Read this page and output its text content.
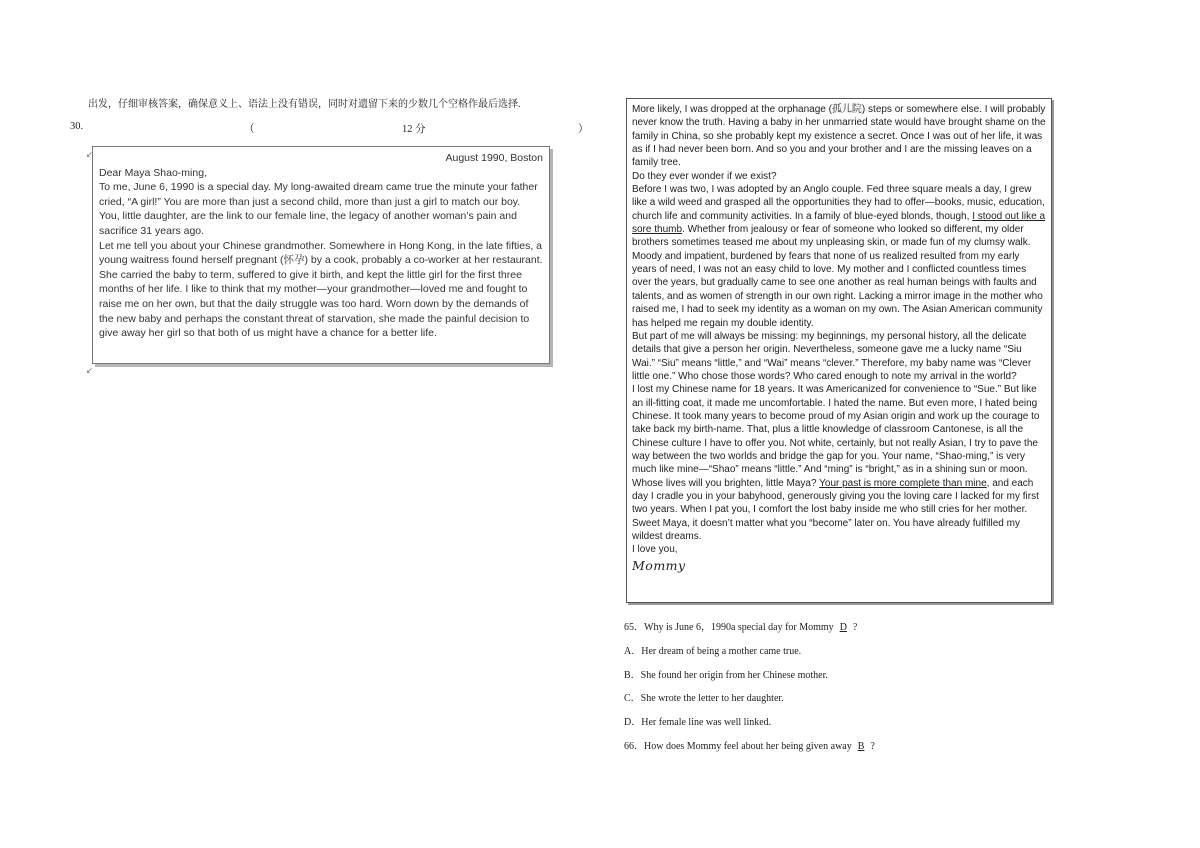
出发，仔细审核答案，确保意义上、语法上没有错误，同时对遗留下来的少数几个空格作最后选择.
30.	（	12 分	）
↙	August 1990, Boston

Dear Maya Shao-ming,

To me, June 6, 1990 is a special day. My long-awaited dream came true the minute your father cried, “A girl!” You are more than just a second child, more than just a girl to match our boy. You, little daughter, are the link to our female line, the legacy of another woman’s pain and sacrifice 31 years ago.

Let me tell you about your Chinese grandmother. Somewhere in Hong Kong, in the late fifties, a young waitress found herself pregnant (怀孕) by a cook, probably a co-worker at her restaurant. She carried the baby to term, suffered to give it birth, and kept the little girl for the first three months of her life. I like to think that my mother—your grandmother—loved me and fought to raise me on her own, but that the daily struggle was too hard. Worn down by the demands of the new baby and perhaps the constant threat of starvation, she made the painful decision to give away her girl so that both of us might have a chance for a better life.

↙

More likely, I was dropped at the orphanage (孤儿院) steps or somewhere else. I will probably never know the truth. Having a baby in her unmarried state would have brought shame on the family in China, so she probably kept my existence a secret. Once I was out of her life, it was as if I had never been born. And so you and your brother and I are the missing leaves on a family tree.

Do they ever wonder if we exist?

Before I was two, I was adopted by an Anglo couple. Fed three square meals a day, I grew like a wild weed and grasped all the opportunities they had to offer—books, music, education, church life and community activities. In a family of blue-eyed blonds, though, I stood out like a sore thumb. Whether from jealousy or fear of someone who looked so different, my older brothers sometimes teased me about my unpleasing skin, or made fun of my clumsy walk. Moody and impatient, burdened by fears that none of us realized resulted from my early years of need, I was not an easy child to love. My mother and I conflicted countless times over the years, but gradually came to see one another as real human beings with faults and talents, and as women of strength in our own right. Lacking a mirror image in the mother who raised me, I had to seek my identity as a woman on my own. The Asian American community has helped me regain my double identity.

But part of me will always be missing: my beginnings, my personal history, all the delicate details that give a person her origin. Nevertheless, someone gave me a lucky name “Siu Wai.” “Siu” means “little,” and “Wai” means “clever.” Therefore, my baby name was “Clever little one.” Who chose those words? Who cared enough to note my arrival in the world?

I lost my Chinese name for 18 years. It was Americanized for convenience to “Sue.” But like an ill-fitting coat, it made me uncomfortable. I hated the name. But even more, I hated being Chinese. It took many years to become proud of my Asian origin and work up the courage to take back my birth-name. That, plus a little knowledge of classroom Cantonese, is all the Chinese culture I have to offer you. Not white, certainly, but not really Asian, I try to pave the way between the two worlds and bridge the gap for you. Your name, “Shao-ming,” is very much like mine—“Shao” means “little.” And “ming” is “bright,” as in a shining sun or moon. Whose lives will you brighten, little Maya? Your past is more complete than mine, and each day I cradle you in your babyhood, generously giving you the loving care I lacked for my first two years. When I pat you, I comfort the lost baby inside me who still cries for her mother.

Sweet Maya, it doesn’t matter what you “become” later on. You have already fulfilled my wildest dreams.

I love you,

Mommy
65．Why is June 6，1990a special day for Mommy D ?
A．Her dream of being a mother came true.
B．She found her origin from her Chinese mother.
C．She wrote the letter to her daughter.
D．Her female line was well linked.
66．How does Mommy feel about her being given away B ?
